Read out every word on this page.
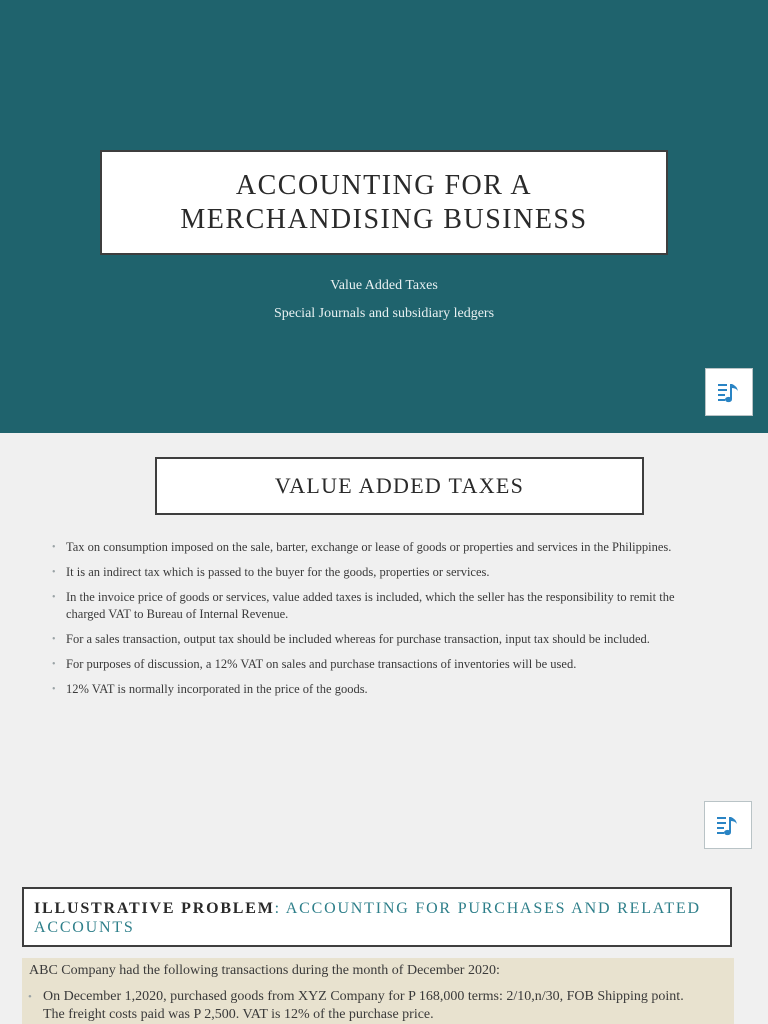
ACCOUNTING FOR A MERCHANDISING BUSINESS
Value Added Taxes
Special Journals and subsidiary ledgers
VALUE ADDED TAXES
• Tax on consumption imposed on the sale, barter, exchange or lease of goods or properties and services in the Philippines.
• It is an indirect tax which is passed to the buyer for the goods, properties or services.
• In the invoice price of goods or services, value added taxes is included, which the seller has the responsibility to remit the charged VAT to Bureau of Internal Revenue.
• For a sales transaction, output tax should be included whereas for purchase transaction, input tax should be included.
• For purposes of discussion, a 12% VAT on sales and purchase transactions of inventories will be used.
• 12% VAT is normally incorporated in the price of the goods.
ILLUSTRATIVE PROBLEM: ACCOUNTING FOR PURCHASES AND RELATED ACCOUNTS

ABC Company had the following transactions during the month of December 2020:

• On December 1,2020, purchased goods from XYZ Company for P 168,000 terms: 2/10,n/30, FOB Shipping point. The freight costs paid was P 2,500. VAT is 12% of the purchase price.
